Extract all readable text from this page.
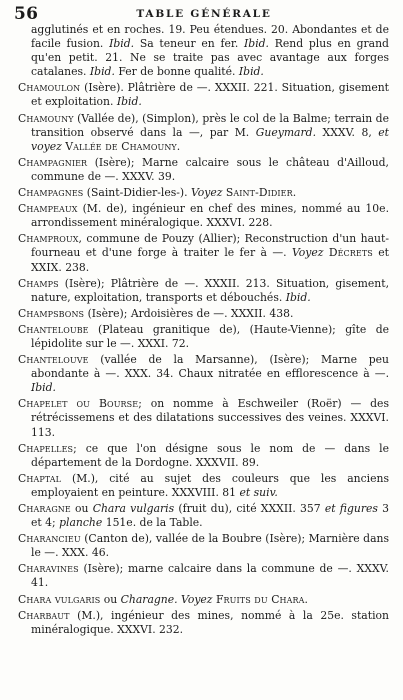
56	TABLE GÉNÉRALE

agglutinés et en roches. 19. Peu étendues. 20. Abondantes et de facile fusion. Ibid. Sa teneur en fer. Ibid. Rend plus en grand qu'en petit. 21. Ne se traite pas avec avantage aux forges catalanes. Ibid. Fer de bonne qualité. Ibid.

Chamoulon (Isère). Plâtrière de —. XXXII. 221. Situation, gisement et exploitation. Ibid.

Chamouny (Vallée de), (Simplon), près le col de la Balme; terrain de transition observé dans la —, par M. Gueymard. XXXV. 8, et voyez Vallée de Chamouny.

Champagnier (Isère); Marne calcaire sous le château d'Ailloud, commune de —. XXXV. 39.

Champagnes (Saint-Didier-les-). Voyez Saint-Didier.

Champeaux (M. de), ingénieur en chef des mines, nommé au 10e. arrondissement minéralogique. XXXVI. 228.

Champroux, commune de Pouzy (Allier); Reconstruction d'un haut-fourneau et d'une forge à traiter le fer à —. Voyez Décrets et XXIX. 238.

Champs (Isère); Plâtrière de —. XXXII. 213. Situation, gisement, nature, exploitation, transports et débouchés. Ibid.

Champsbons (Isère); Ardoisières de —. XXXII. 438.

Chanteloube (Plateau granitique de), (Haute-Vienne); gîte de lépidolite sur le —. XXXI. 72.

Chantelouve (vallée de la Marsanne), (Isère); Marne peu abondante à —. XXX. 34. Chaux nitratée en efflorescence à —. Ibid.

Chapelet ou Bourse; on nomme à Eschweiler (Roër) — des rétrécissemens et des dilatations successives des veines. XXXVI. 113.

Chapelles; ce que l'on désigne sous le nom de — dans le département de la Dordogne. XXXVII. 89.

Chaptal (M.), cité au sujet des couleurs que les anciens employaient en peinture. XXXVIII. 81 et suiv.

Charagne ou Chara vulgaris (fruit du), cité XXXII. 357 et figures 3 et 4; planche 151e. de la Table.

Charancieu (Canton de), vallée de la Boubre (Isère); Marnière dans le —. XXX. 46.

Charavines (Isère); marne calcaire dans la commune de —. XXXV. 41.

Chara vulgaris ou Charagne. Voyez Fruits du Chara.

Charbaut (M.), ingénieur des mines, nommé à la 25e. station minéralogique. XXXVI. 232.
